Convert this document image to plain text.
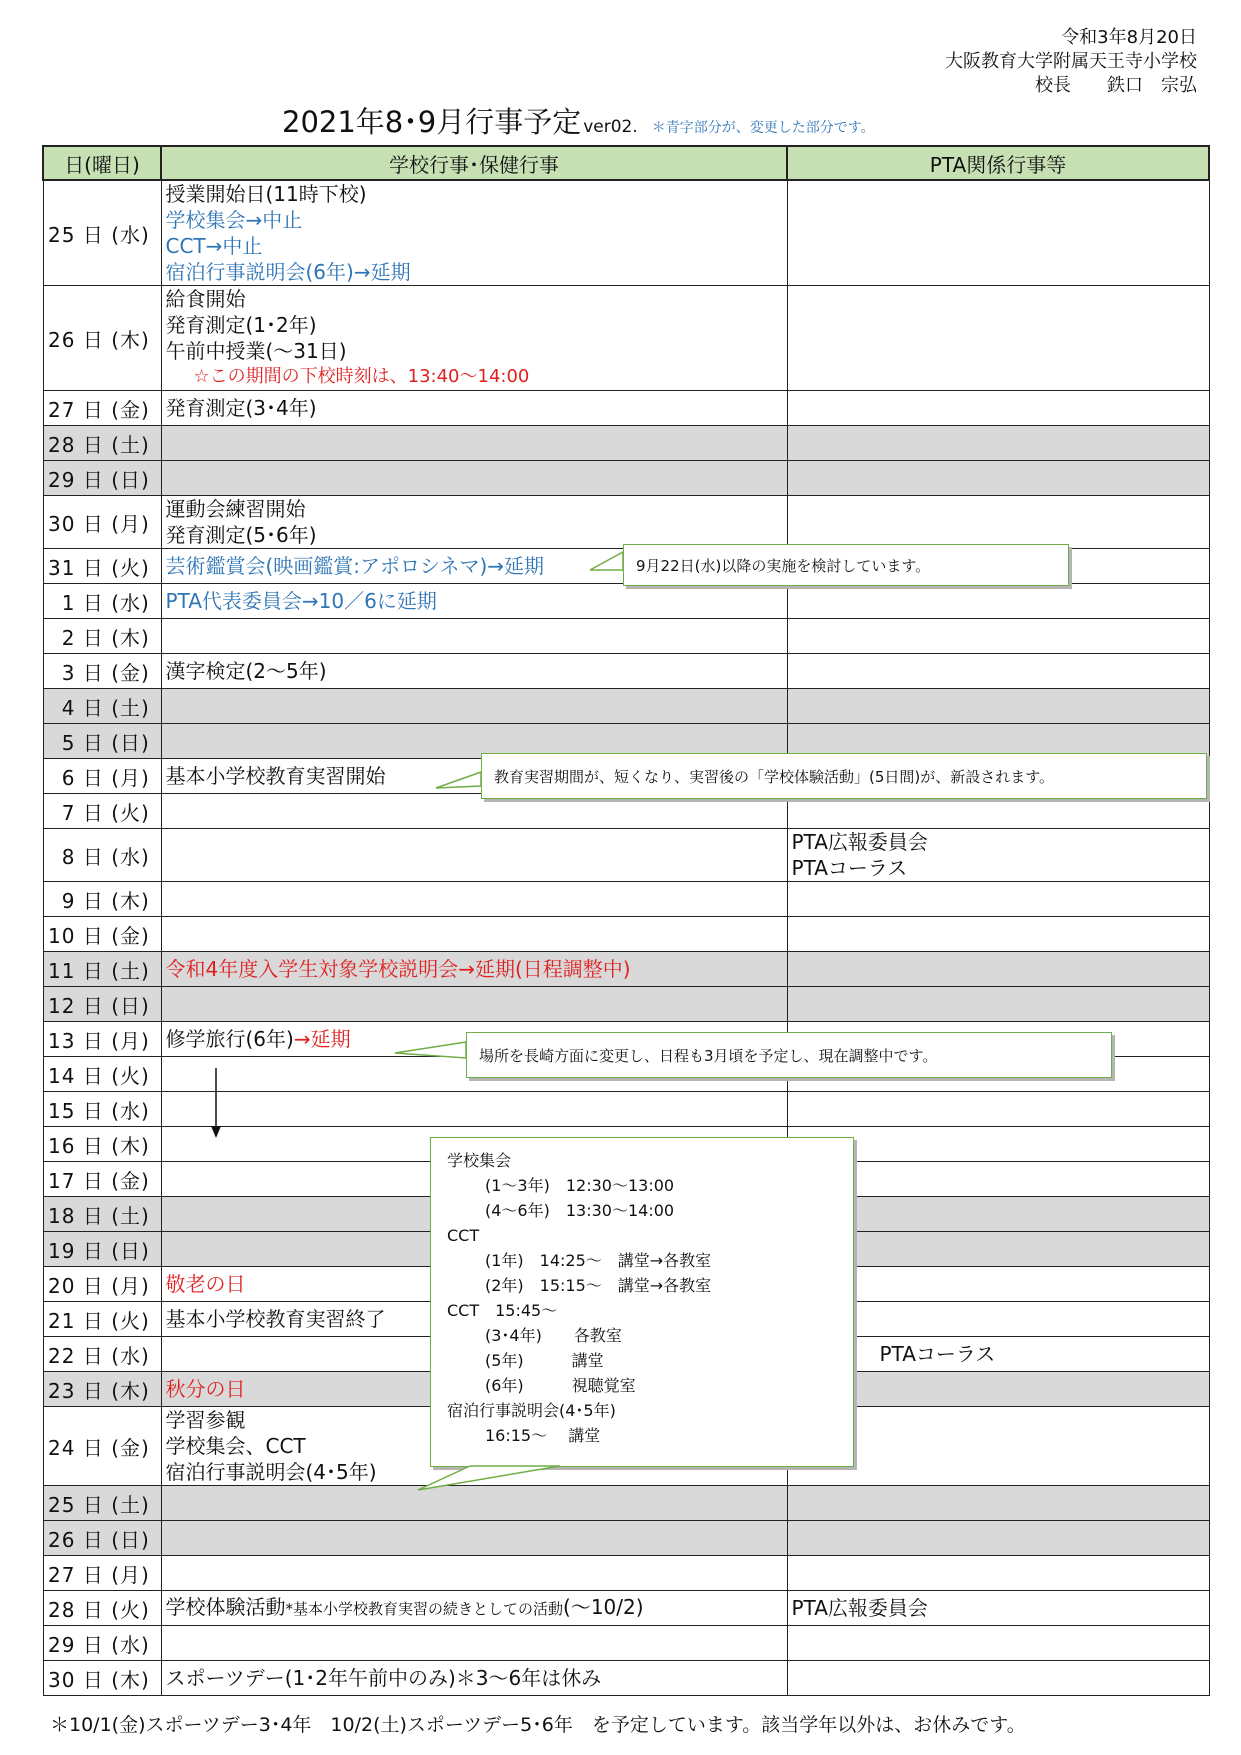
令和3年8月20日
大阪教育大学附属天王寺小学校
校長　　鉄口　宗弘
2021年8･9月行事予定 ver02. ＊青字部分が、変更した部分です。
日(曜日)	学校行事･保健行事	PTA関係行事等
25 日 (水)	授業開始日(11時下校)
学校集会→中止
CCT→中止
宿泊行事説明会(6年)→延期	

26 日 (木)	給食開始
発育測定(1･2年)
午前中授業(～31日)
☆この期間の下校時刻は、13:40～14:00	

27 日 (金)	発育測定(3･4年)	

28 日 (土)		
29 日 (日)		
30 日 (月)	運動会練習開始
発育測定(5･6年)	

31 日 (火)	芸術鑑賞会(映画鑑賞:アポロシネマ)→延期	

1 日 (水)	PTA代表委員会→10／6に延期	

2 日 (木)		
3 日 (金)	漢字検定(2～5年)	

4 日 (土)		
5 日 (日)		
6 日 (月)	基本小学校教育実習開始	

7 日 (火)		
8 日 (水)		PTA広報委員会
PTAコーラス

9 日 (木)		
10 日 (金)		
11 日 (土)	令和4年度入学生対象学校説明会→延期(日程調整中)	

12 日 (日)		
13 日 (月)	修学旅行(6年)→延期	

14 日 (火)		
15 日 (水)		
16 日 (木)		
17 日 (金)		
18 日 (土)		
19 日 (日)		
20 日 (月)	敬老の日	

21 日 (火)	基本小学校教育実習終了	

22 日 (水)		PTAコーラス

23 日 (木)	秋分の日	

24 日 (金)	学習参観
学校集会、CCT
宿泊行事説明会(4･5年)	

25 日 (土)		
26 日 (日)		
27 日 (月)		
28 日 (火)	学校体験活動*基本小学校教育実習の続きとしての活動(～10/2)	PTA広報委員会

29 日 (水)		
30 日 (木)	スポーツデー(1･2年午前中のみ)＊3～6年は休み	

＊10/1(金)スポーツデー3･4年　10/2(土)スポーツデー5･6年　を予定しています。該当学年以外は、お休みです。
9月22日(水)以降の実施を検討しています。
教育実習期間が、短くなり、実習後の「学校体験活動」(5日間)が、新設されます。
場所を長崎方面に変更し、日程も3月頃を予定し、現在調整中です。
学校集会
(1～3年)　12:30～13:00
(4～6年)　13:30～14:00
CCT
(1年)　14:25～　講堂→各教室
(2年)　15:15～　講堂→各教室
CCT　15:45～
(3･4年)　　各教室
(5年)　　　講堂
(6年)　　　視聴覚室
宿泊行事説明会(4･5年)
16:15～　 講堂
